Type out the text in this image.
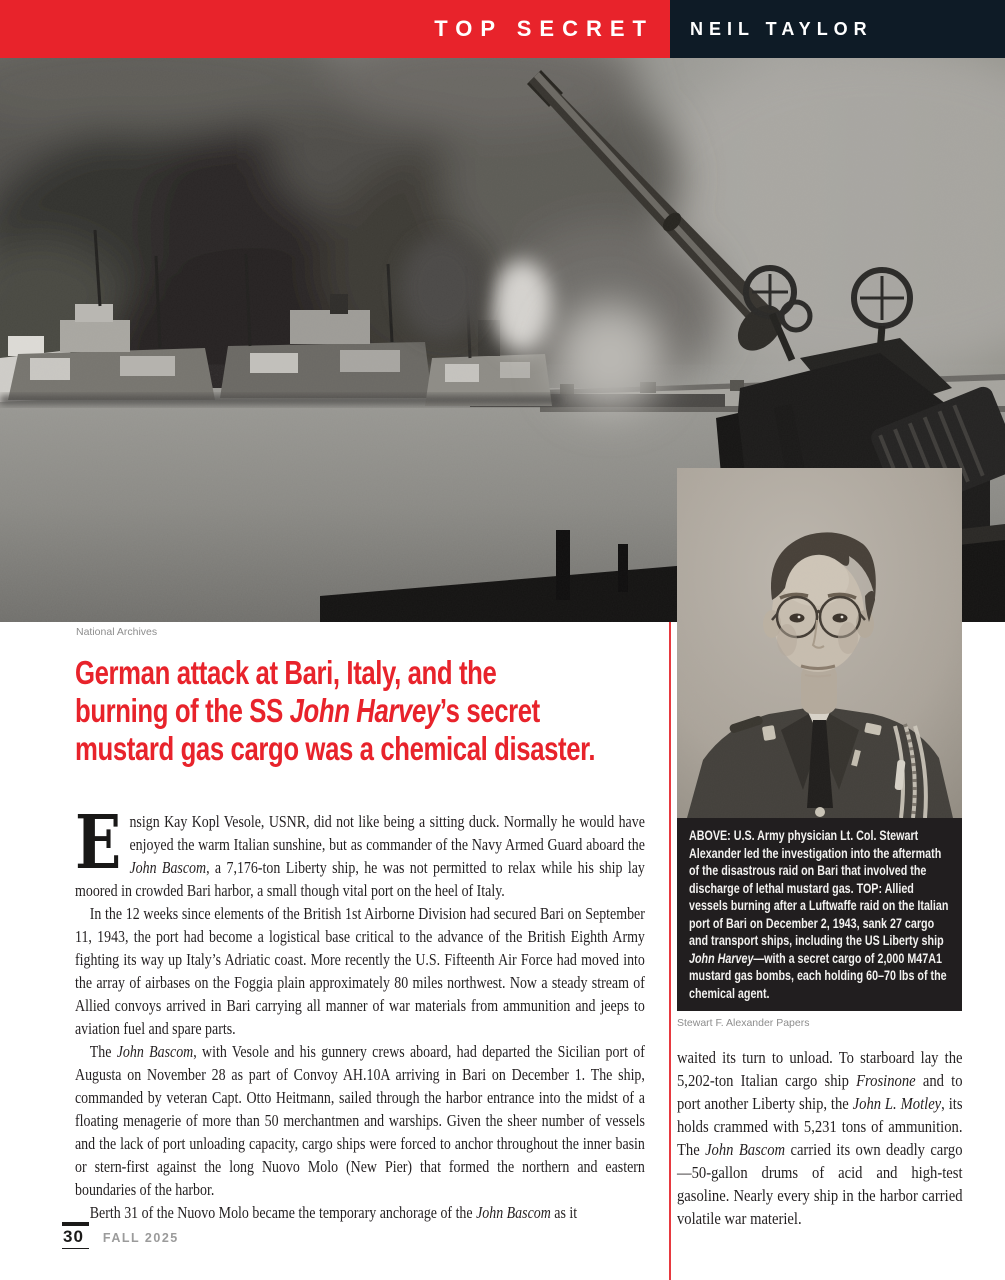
TOP SECRET NEIL TAYLOR
National Archives
German attack at Bari, Italy, and the
burning of the SS John Harvey’s secret
mustard gas cargo was a chemical disaster.

Ensign Kay Kopl Vesole, USNR, did not like being a sitting duck. Normally he would have enjoyed the warm Italian sunshine, but as commander of the Navy Armed Guard aboard the John Bascom, a 7,176-ton Liberty ship, he was not permitted to relax while his ship lay moored in crowded Bari harbor, a small though vital port on the heel of Italy.

In the 12 weeks since elements of the British 1st Airborne Division had secured Bari on September 11, 1943, the port had become a logistical base critical to the advance of the British Eighth Army fighting its way up Italy’s Adriatic coast. More recently the U.S. Fifteenth Air Force had moved into the array of airbases on the Foggia plain approximately 80 miles northwest. Now a steady stream of Allied convoys arrived in Bari carrying all manner of war materials from ammunition and jeeps to aviation fuel and spare parts.

The John Bascom, with Vesole and his gunnery crews aboard, had departed the Sicilian port of Augusta on November 28 as part of Convoy AH.10A arriving in Bari on December 1. The ship, commanded by veteran Capt. Otto Heitmann, sailed through the harbor entrance into the midst of a floating menagerie of more than 50 merchantmen and warships. Given the sheer number of vessels and the lack of port unloading capacity, cargo ships were forced to anchor throughout the inner basin or stern-first against the long Nuovo Molo (New Pier) that formed the northern and eastern boundaries of the harbor.

Berth 31 of the Nuovo Molo became the temporary anchorage of the John Bascom as it

ABOVE: U.S. Army physician Lt. Col. Stewart Alexander led the investigation into the aftermath of the disastrous raid on Bari that involved the discharge of lethal mustard gas. TOP: Allied vessels burning after a Luftwaffe raid on the Italian port of Bari on December 2, 1943, sank 27 cargo and transport ships, including the US Liberty ship John Harvey—with a secret cargo of 2,000 M47A1 mustard gas bombs, each holding 60–70 lbs of the chemical agent.
Stewart F. Alexander Papers

waited its turn to unload. To starboard lay the 5,202-ton Italian cargo ship Frosinone and to port another Liberty ship, the John L. Motley, its holds crammed with 5,231 tons of ammunition. The John Bascom carried its own deadly cargo—50-gallon drums of acid and high-test gasoline. Nearly every ship in the harbor carried volatile war materiel.

30 FALL 2025
